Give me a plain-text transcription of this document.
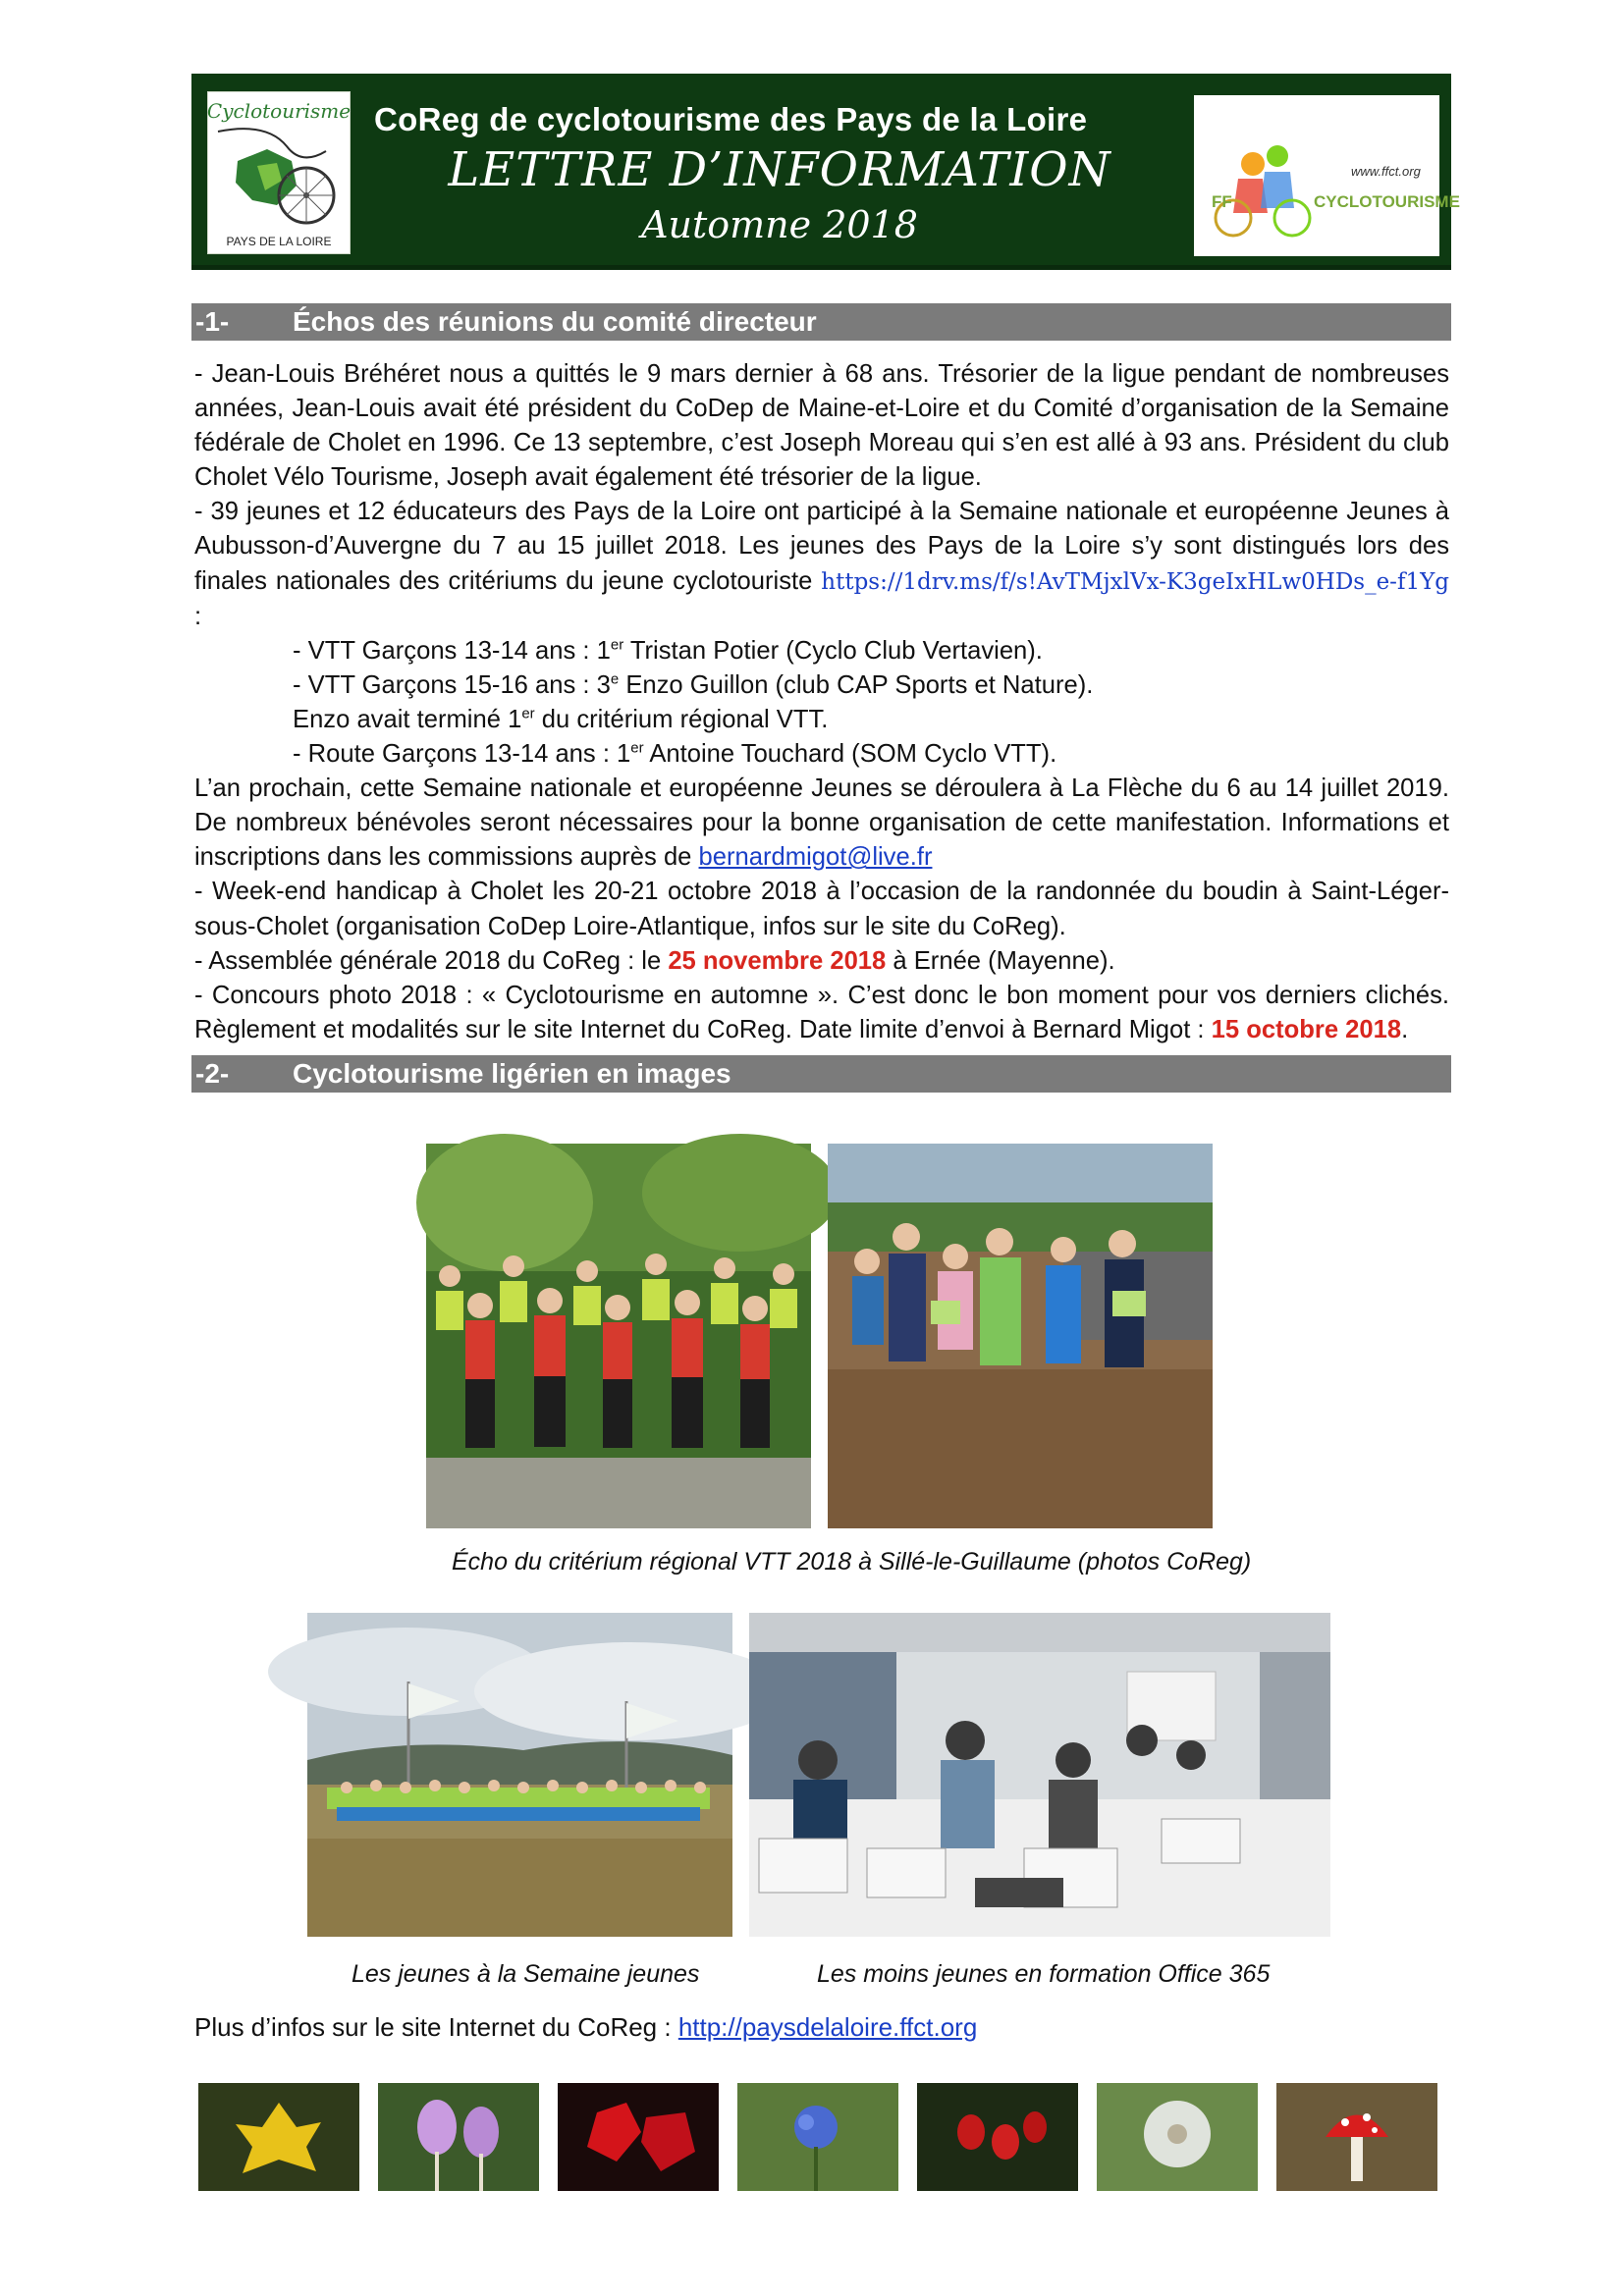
Cyclotourisme
PAYS DE LA LOIRE
CoReg de cyclotourisme des Pays de la Loire
LETTRE D’INFORMATION
Automne 2018
www.ffct.org
FF	CYCLOTOURISME
-1- Échos des réunions du comité directeur

- Jean-Louis Bréhéret nous a quittés le 9 mars dernier à 68 ans. Trésorier de la ligue pendant de nombreuses années, Jean-Louis avait été président du CoDep de Maine-et-Loire et du Comité d’organisation de la Semaine fédérale de Cholet en 1996. Ce 13 septembre, c’est Joseph Moreau qui s’en est allé à 93 ans. Président du club Cholet Vélo Tourisme, Joseph avait également été trésorier de la ligue.

- 39 jeunes et 12 éducateurs des Pays de la Loire ont participé à la Semaine nationale et européenne Jeunes à Aubusson-d’Auvergne du 7 au 15 juillet 2018. Les jeunes des Pays de la Loire s’y sont distingués lors des finales nationales des critériums du jeune cyclotouriste https://1drv.ms/f/s!AvTMjxlVx-K3geIxHLw0HDs_e-f1Yg :

- VTT Garçons 13-14 ans : 1er Tristan Potier (Cyclo Club Vertavien).

- VTT Garçons 15-16 ans : 3e Enzo Guillon (club CAP Sports et Nature).

Enzo avait terminé 1er du critérium régional VTT.

- Route Garçons 13-14 ans : 1er Antoine Touchard (SOM Cyclo VTT).

L’an prochain, cette Semaine nationale et européenne Jeunes se déroulera à La Flèche du 6 au 14 juillet 2019. De nombreux bénévoles seront nécessaires pour la bonne organisation de cette manifestation. Informations et inscriptions dans les commissions auprès de bernardmigot@live.fr

- Week-end handicap à Cholet les 20-21 octobre 2018 à l’occasion de la randonnée du boudin à Saint-Léger-sous-Cholet (organisation CoDep Loire-Atlantique, infos sur le site du CoReg).

- Assemblée générale 2018 du CoReg : le 25 novembre 2018 à Ernée (Mayenne).

- Concours photo 2018 : « Cyclotourisme en automne ». C’est donc le bon moment pour vos derniers clichés. Règlement et modalités sur le site Internet du CoReg. Date limite d’envoi à Bernard Migot : 15 octobre 2018.

-2- Cyclotourisme ligérien en images
Écho du critérium régional VTT 2018 à Sillé-le-Guillaume (photos CoReg)
Les jeunes à la Semaine jeunes	Les moins jeunes en formation Office 365
Plus d’infos sur le site Internet du CoReg : http://paysdelaloire.ffct.org
